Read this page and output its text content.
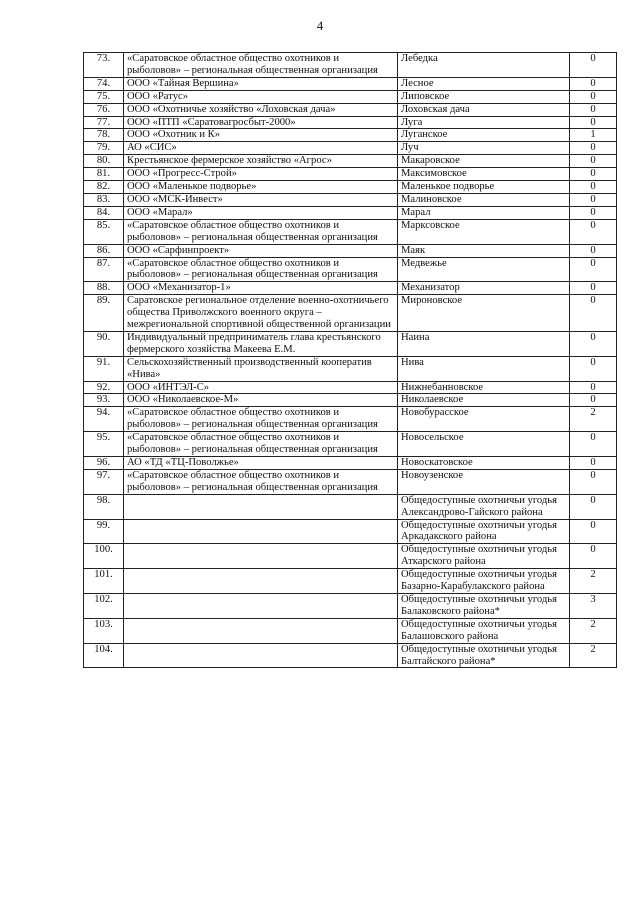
4
73.	«Саратовское областное общество охотников и рыболовов» – региональная общественная организация	Лебедка	0
74.	ООО «Тайная Вершина»	Лесное	0
75.	ООО «Ратус»	Липовское	0
76.	ООО «Охотничье хозяйство «Лоховская дача»	Лоховская дача	0
77.	ООО «ПТП «Саратовагросбыт-2000»	Луга	0
78.	ООО «Охотник и К»	Луганское	1
79.	АО «СИС»	Луч	0
80.	Крестьянское фермерское хозяйство «Агрос»	Макаровское	0
81.	ООО «Прогресс-Строй»	Максимовское	0
82.	ООО «Маленькое подворье»	Маленькое подворье	0
83.	ООО «МСК-Инвест»	Малиновское	0
84.	ООО «Марал»	Марал	0
85.	«Саратовское областное общество охотников и рыболовов» – региональная общественная организация	Марксовское	0
86.	ООО «Сарфинпроект»	Маяк	0
87.	«Саратовское областное общество охотников и рыболовов» – региональная общественная организация	Медвежье	0
88.	ООО «Механизатор-1»	Механизатор	0
89.	Саратовское региональное отделение военно-охотничьего общества Приволжского военного округа – межрегиональной спортивной общественной организации	Мироновское	0
90.	Индивидуальный предприниматель глава крестьянского фермерского хозяйства Макеева Е.М.	Наина	0
91.	Сельскохозяйственный производственный кооператив «Нива»	Нива	0
92.	ООО «ИНТЭЛ-С»	Нижнебанновское	0
93.	ООО «Николаевское-М»	Николаевское	0
94.	«Саратовское областное общество охотников и рыболовов» – региональная общественная организация	Новобурасское	2
95.	«Саратовское областное общество охотников и рыболовов» – региональная общественная организация	Новосельское	0
96.	АО «ТД «ТЦ-Поволжье»	Новоскатовское	0
97.	«Саратовское областное общество охотников и рыболовов» – региональная общественная организация	Новоузенское	0
98.		Общедоступные охотничьи угодья Александрово-Гайского района	0
99.		Общедоступные охотничьи угодья Аркадакского района	0
100.		Общедоступные охотничьи угодья Аткарского района	0
101.		Общедоступные охотничьи угодья Базарно-Карабулакского района	2
102.		Общедоступные охотничьи угодья Балаковского района*	3
103.		Общедоступные охотничьи угодья Балашовского района	2
104.		Общедоступные охотничьи угодья Балтайского района*	2
